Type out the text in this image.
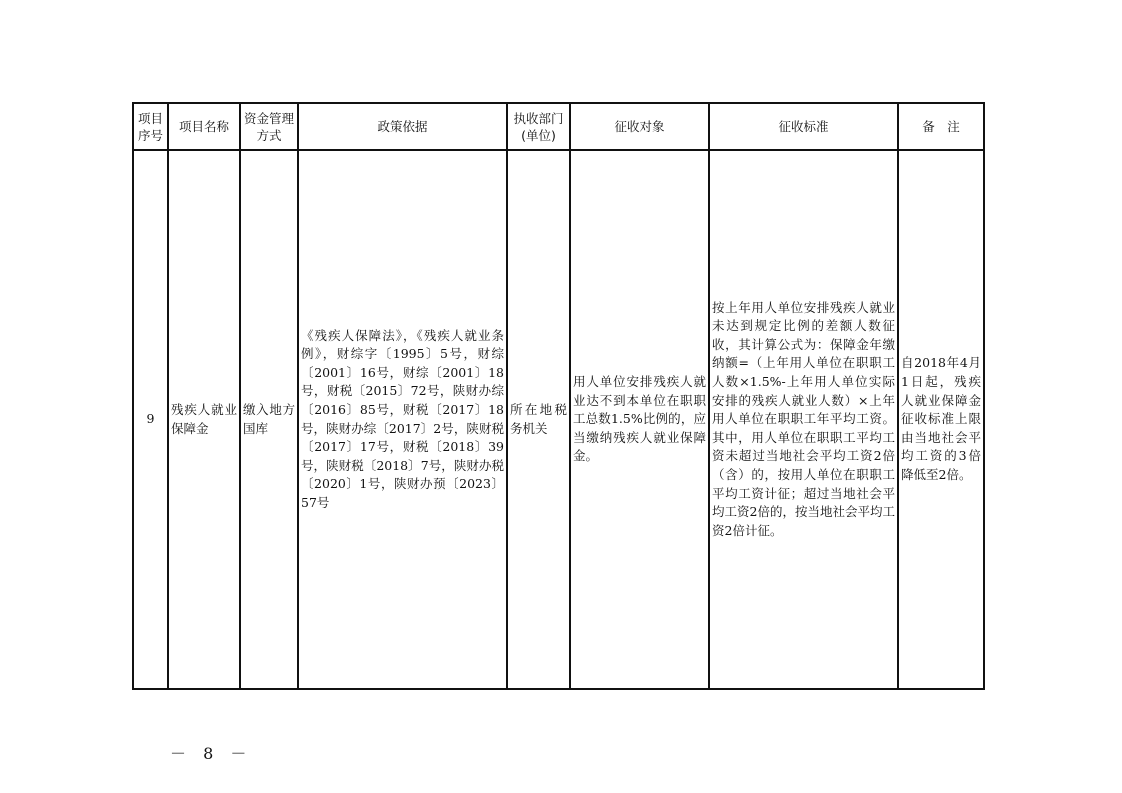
项目序号	项目名称	资金管理方式	政策依据	执收部门(单位)	征收对象	征收标准	备　注
9	残疾人就业保障金	缴入地方国库	《残疾人保障法》，《残疾人就业条例》，财综字〔1995〕5号，财综〔2001〕16号，财综〔2001〕18号，财税〔2015〕72号，陕财办综〔2016〕85号，财税〔2017〕18号，陕财办综〔2017〕2号，陕财税〔2017〕17号，财税〔2018〕39号，陕财税〔2018〕7号，陕财办税〔2020〕1号，陕财办预〔2023〕57号	所在地税务机关	用人单位安排残疾人就业达不到本单位在职职工总数1.5%比例的，应当缴纳残疾人就业保障金。	按上年用人单位安排残疾人就业未达到规定比例的差额人数征收，其计算公式为：保障金年缴纳额=（上年用人单位在职职工人数×1.5%-上年用人单位实际安排的残疾人就业人数）×上年用人单位在职职工年平均工资。其中，用人单位在职职工平均工资未超过当地社会平均工资2倍（含）的，按用人单位在职职工平均工资计征；超过当地社会平均工资2倍的，按当地社会平均工资2倍计征。	自2018年4月1日起，残疾人就业保障金征收标准上限由当地社会平均工资的3倍降低至2倍。
－ 8 －
